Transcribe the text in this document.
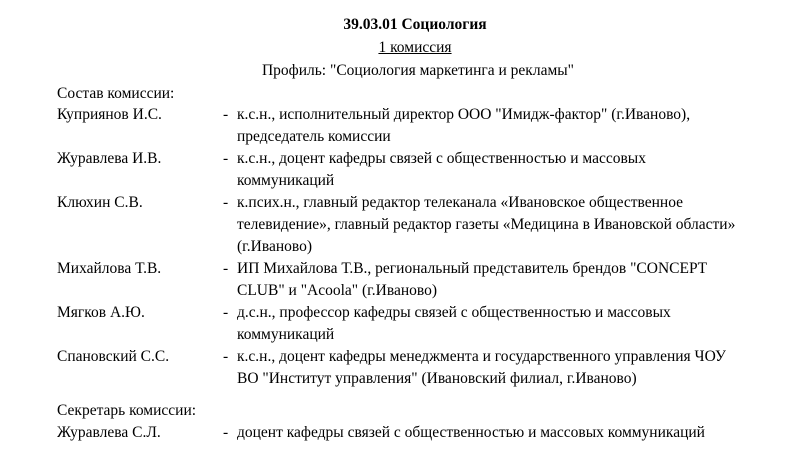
39.03.01 Социология
1 комиссия
Профиль: "Социология маркетинга и рекламы"
Состав комиссии:
Куприянов И.С.	- к.с.н., исполнительный директор ООО "Имидж-фактор" (г.Иваново),
председатель комиссии
Журавлева И.В.	- к.с.н., доцент кафедры связей с общественностью и массовых
коммуникаций
Клюхин С.В.	- к.псих.н., главный редактор телеканала «Ивановское общественное
телевидение», главный редактор газеты «Медицина в Ивановской области»
(г.Иваново)
Михайлова Т.В.	- ИП Михайлова Т.В., региональный представитель брендов "CONCEPT
CLUB" и "Acoola" (г.Иваново)
Мягков А.Ю.	- д.с.н., профессор кафедры связей с общественностью и массовых
коммуникаций
Спановский С.С.	- к.с.н., доцент кафедры менеджмента и государственного управления ЧОУ
ВО "Институт управления" (Ивановский филиал, г.Иваново)
Секретарь комиссии:
Журавлева С.Л.	- доцент кафедры связей с общественностью и массовых коммуникаций
